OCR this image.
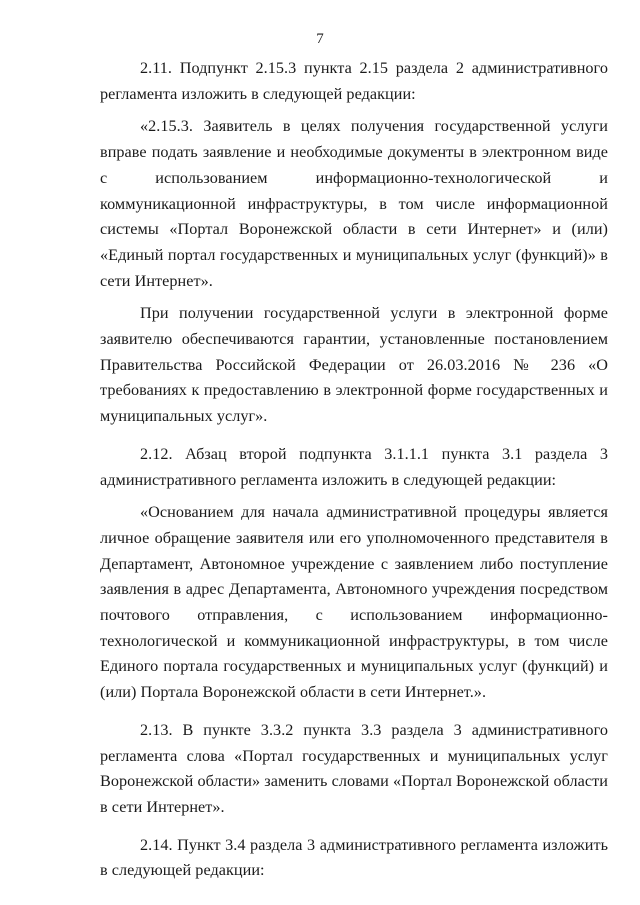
7

2.11. Подпункт 2.15.3 пункта 2.15 раздела 2 административного регламента изложить в следующей редакции:

«2.15.3. Заявитель в целях получения государственной услуги вправе подать заявление и необходимые документы в электронном виде с использованием информационно-технологической и коммуникационной инфраструктуры, в том числе информационной системы «Портал Воронежской области в сети Интернет» и (или) «Единый портал государственных и муниципальных услуг (функций)» в сети Интернет».

При получении государственной услуги в электронной форме заявителю обеспечиваются гарантии, установленные постановлением Правительства Российской Федерации от 26.03.2016 № 236 «О требованиях к предоставлению в электронной форме государственных и муниципальных услуг».

2.12. Абзац второй подпункта 3.1.1.1 пункта 3.1 раздела 3 административного регламента изложить в следующей редакции:

«Основанием для начала административной процедуры является личное обращение заявителя или его уполномоченного представителя в Департамент, Автономное учреждение с заявлением либо поступление заявления в адрес Департамента, Автономного учреждения посредством почтового отправления, с использованием информационно-технологической и коммуникационной инфраструктуры, в том числе Единого портала государственных и муниципальных услуг (функций) и (или) Портала Воронежской области в сети Интернет.».

2.13. В пункте 3.3.2 пункта 3.3 раздела 3 административного регламента слова «Портал государственных и муниципальных услуг Воронежской области» заменить словами «Портал Воронежской области в сети Интернет».

2.14. Пункт 3.4 раздела 3 административного регламента изложить в следующей редакции:
